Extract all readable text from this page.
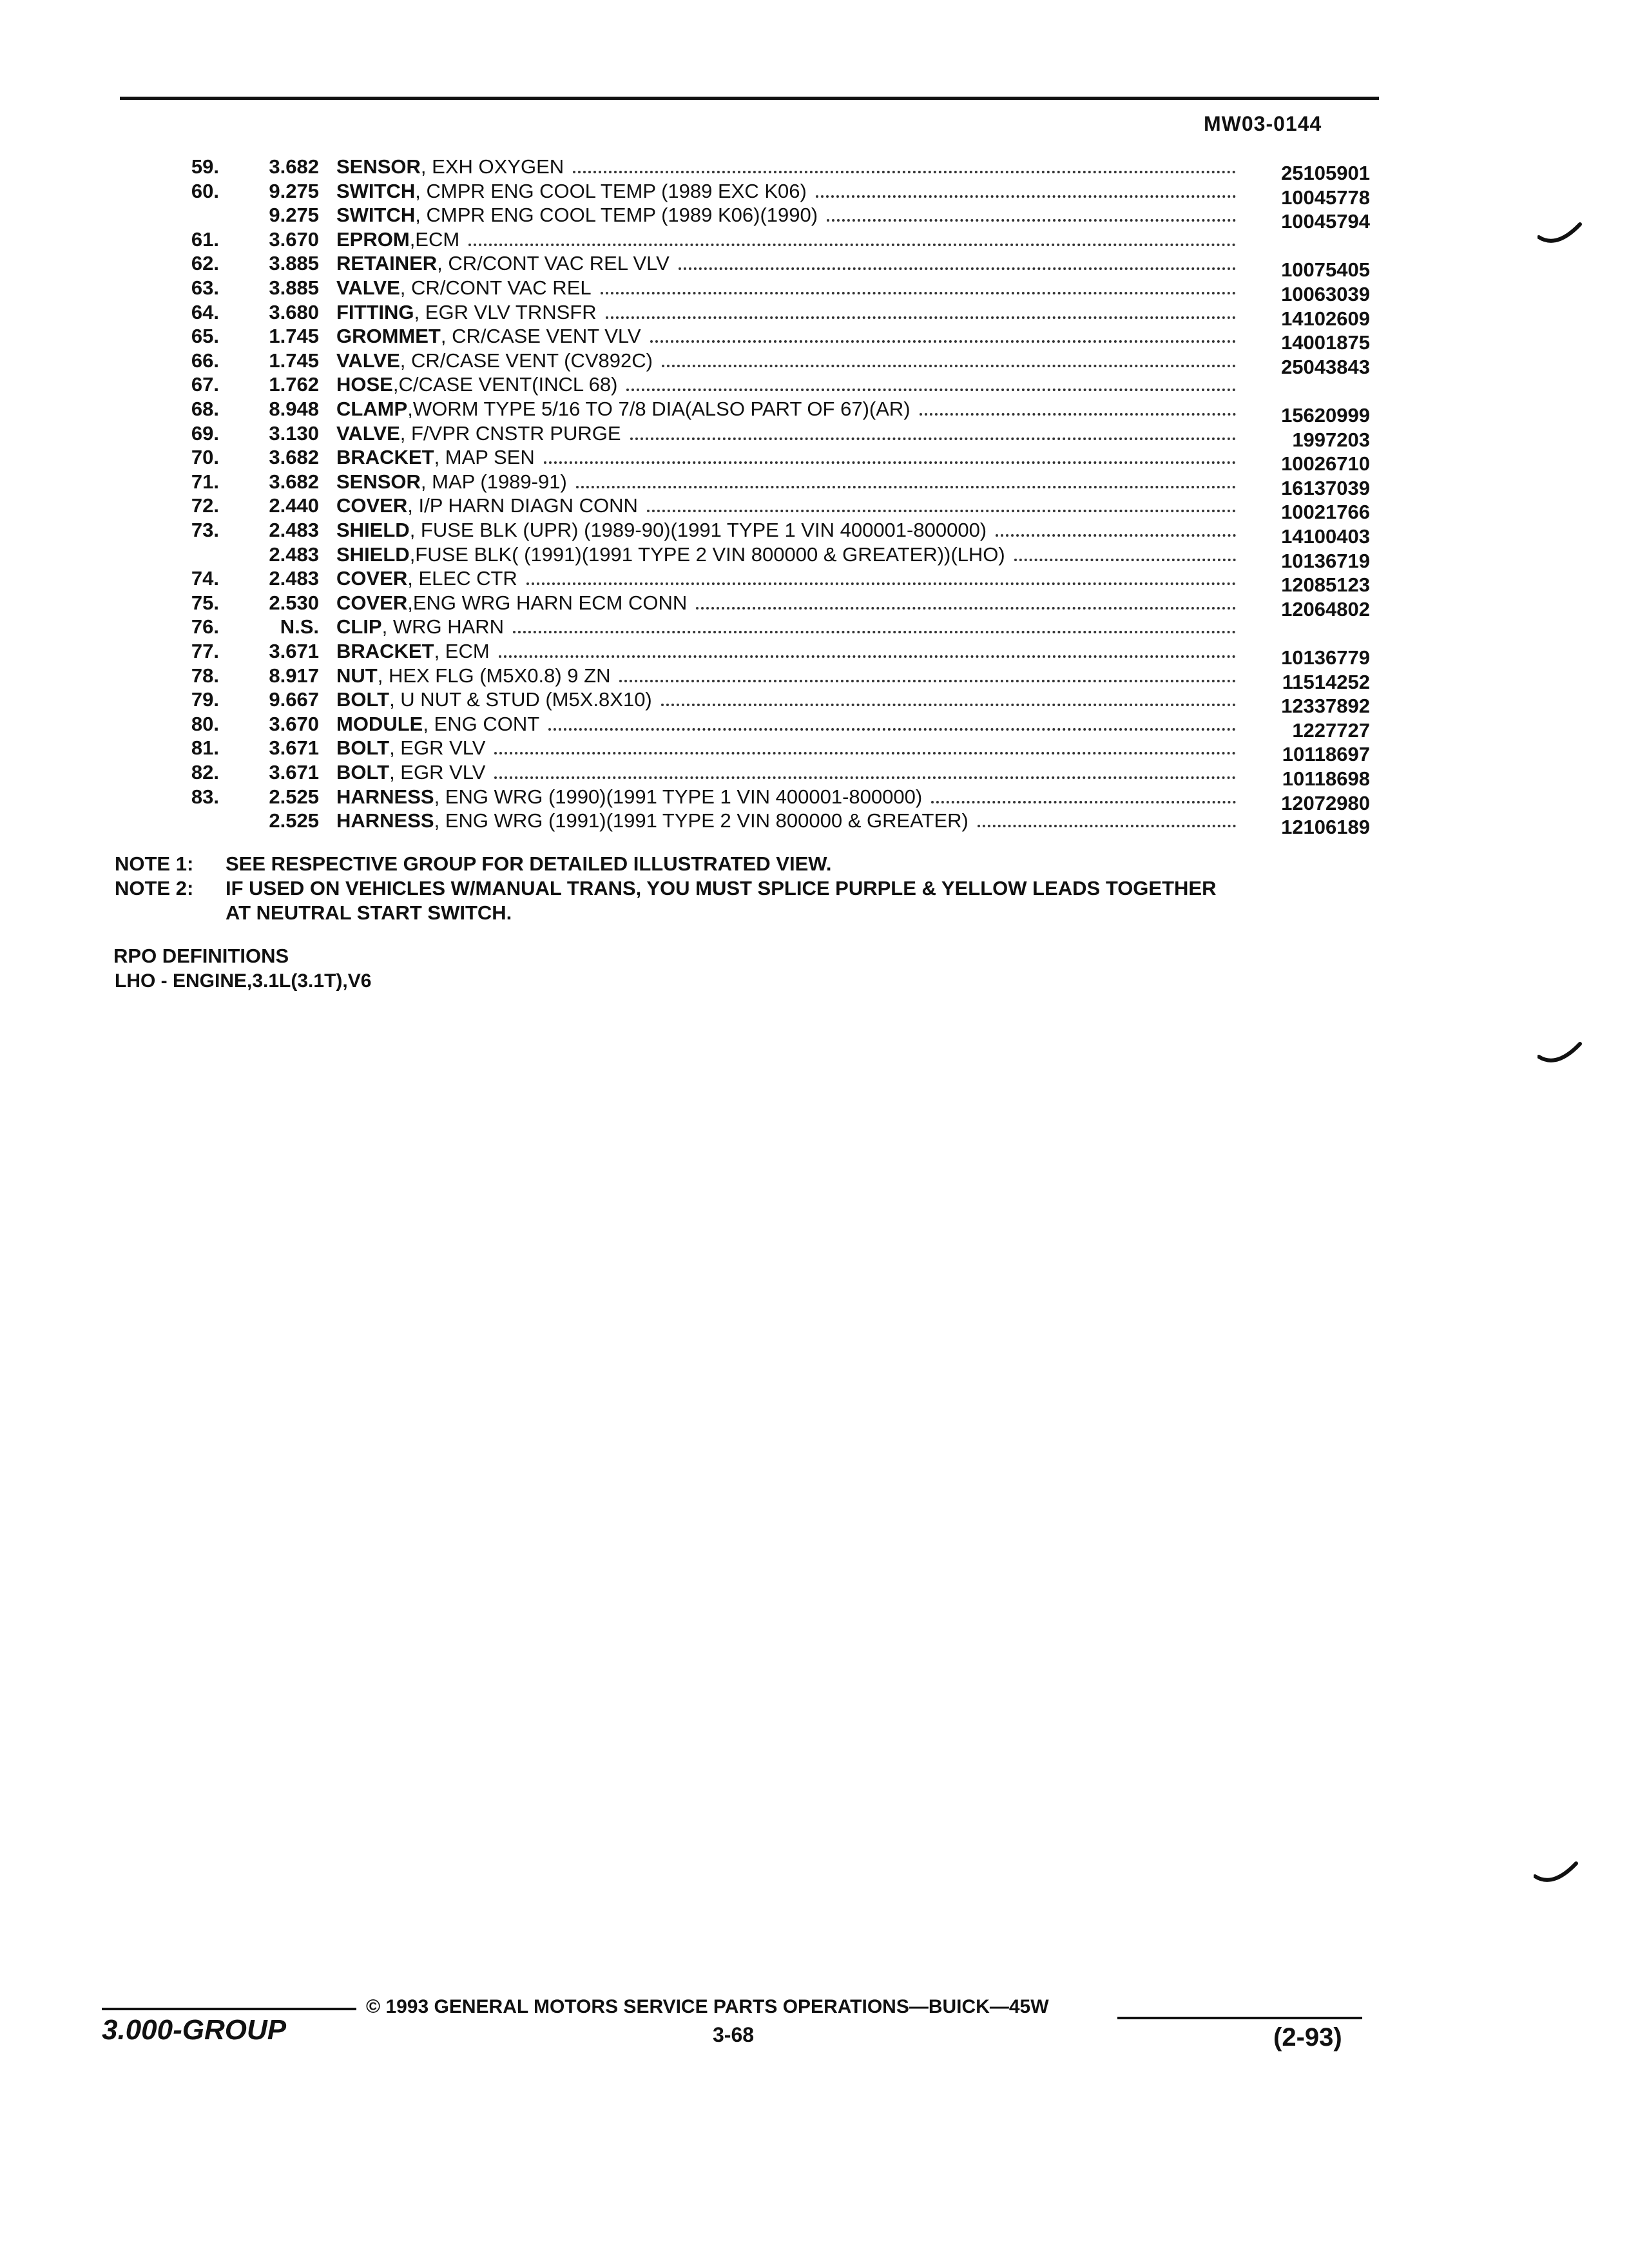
MW03-0144
59.	3.682 SENSOR , EXH OXYGEN	25105901
60.	9.275 SWITCH , CMPR ENG COOL TEMP (1989 EXC K06)	10045778
9.275 SWITCH , CMPR ENG COOL TEMP (1989 K06)(1990)	10045794
61.	3.670 EPROM ,ECM
62.	3.885 RETAINER , CR/CONT VAC REL VLV	10075405
63.	3.885 VALVE , CR/CONT VAC REL	10063039
64.	3.680 FITTING , EGR VLV TRNSFR	14102609
65.	1.745 GROMMET , CR/CASE VENT VLV	14001875
66.	1.745 VALVE , CR/CASE VENT (CV892C)	25043843
67.	1.762 HOSE ,C/CASE VENT(INCL 68)
68.	8.948 CLAMP ,WORM TYPE 5/16 TO 7/8 DIA(ALSO PART OF 67)(AR)	15620999
69.	3.130 VALVE , F/VPR CNSTR PURGE	1997203
70.	3.682 BRACKET , MAP SEN	10026710
71.	3.682 SENSOR , MAP (1989-91)	16137039
72.	2.440 COVER , I/P HARN DIAGN CONN	10021766
73.	2.483 SHIELD , FUSE BLK (UPR) (1989-90)(1991 TYPE 1 VIN 400001-800000)	14100403
2.483 SHIELD ,FUSE BLK( (1991)(1991 TYPE 2 VIN 800000 & GREATER))(LHO)	10136719
74.	2.483 COVER , ELEC CTR	12085123
75.	2.530 COVER ,ENG WRG HARN ECM CONN	12064802
76.	N.S. CLIP , WRG HARN
77.	3.671 BRACKET , ECM	10136779
78.	8.917 NUT , HEX FLG (M5X0.8) 9 ZN	11514252
79.	9.667 BOLT , U NUT & STUD (M5X.8X10)	12337892
80.	3.670 MODULE , ENG CONT	1227727
81.	3.671 BOLT , EGR VLV	10118697
82.	3.671 BOLT , EGR VLV	10118698
83.	2.525 HARNESS , ENG WRG (1990)(1991 TYPE 1 VIN 400001-800000)	12072980
2.525 HARNESS , ENG WRG (1991)(1991 TYPE 2 VIN 800000 & GREATER)	12106189
NOTE 1: SEE RESPECTIVE GROUP FOR DETAILED ILLUSTRATED VIEW.
NOTE 2: IF USED ON VEHICLES W/MANUAL TRANS, YOU MUST SPLICE PURPLE & YELLOW LEADS TOGETHER
AT NEUTRAL START SWITCH.
RPO DEFINITIONS
LHO - ENGINE,3.1L(3.1T),V6
© 1993 GENERAL MOTORS SERVICE PARTS OPERATIONS—BUICK—45W
3.000-GROUP	3-68	(2-93)
